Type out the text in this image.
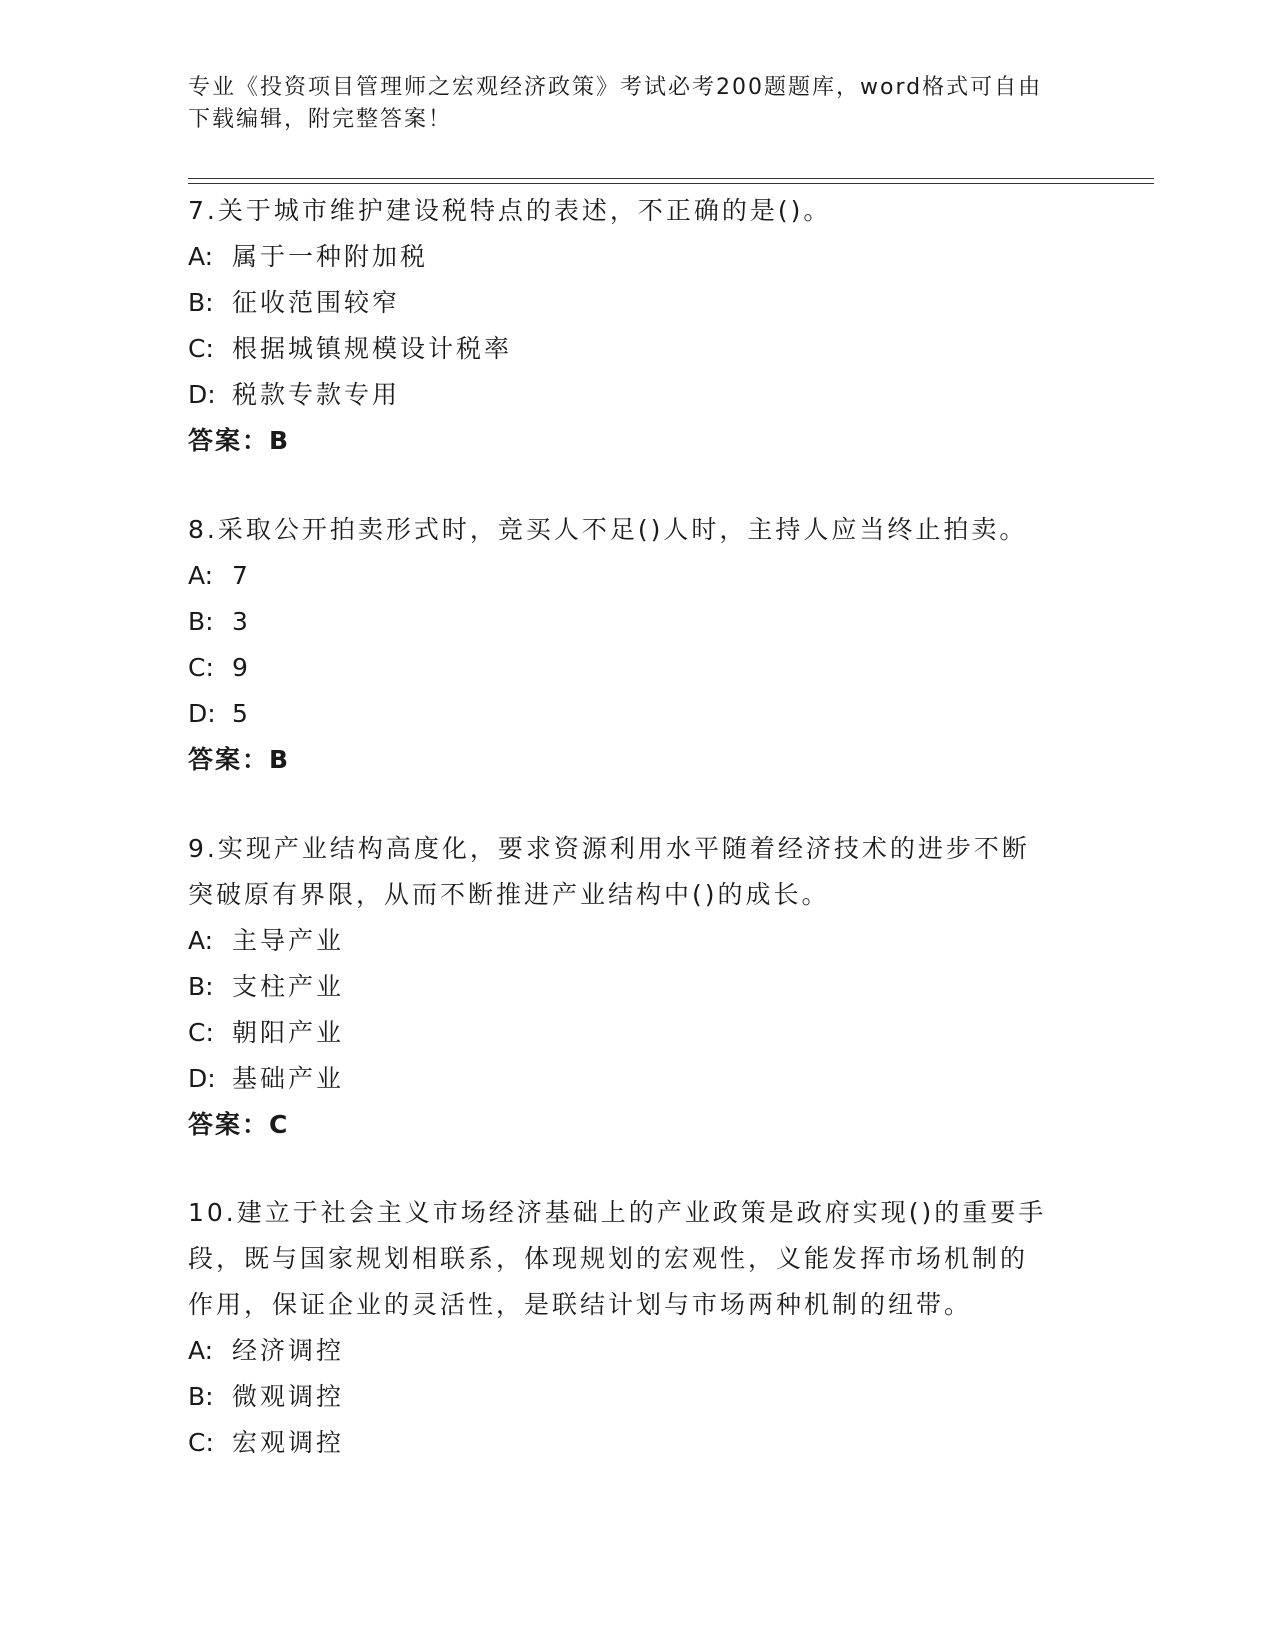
专业《投资项目管理师之宏观经济政策》考试必考200题题库，word格式可自由
下载编辑，附完整答案！
7.关于城市维护建设税特点的表述，不正确的是()。
A: 属于一种附加税
B: 征收范围较窄
C: 根据城镇规模设计税率
D: 税款专款专用
答案：B
8.采取公开拍卖形式时，竞买人不足()人时，主持人应当终止拍卖。
A: 7
B: 3
C: 9
D: 5
答案：B
9.实现产业结构高度化，要求资源利用水平随着经济技术的进步不断
突破原有界限，从而不断推进产业结构中()的成长。
A: 主导产业
B: 支柱产业
C: 朝阳产业
D: 基础产业
答案：C
10.建立于社会主义市场经济基础上的产业政策是政府实现()的重要手
段，既与国家规划相联系，体现规划的宏观性，义能发挥市场机制的
作用，保证企业的灵活性，是联结计划与市场两种机制的纽带。
A: 经济调控
B: 微观调控
C: 宏观调控
